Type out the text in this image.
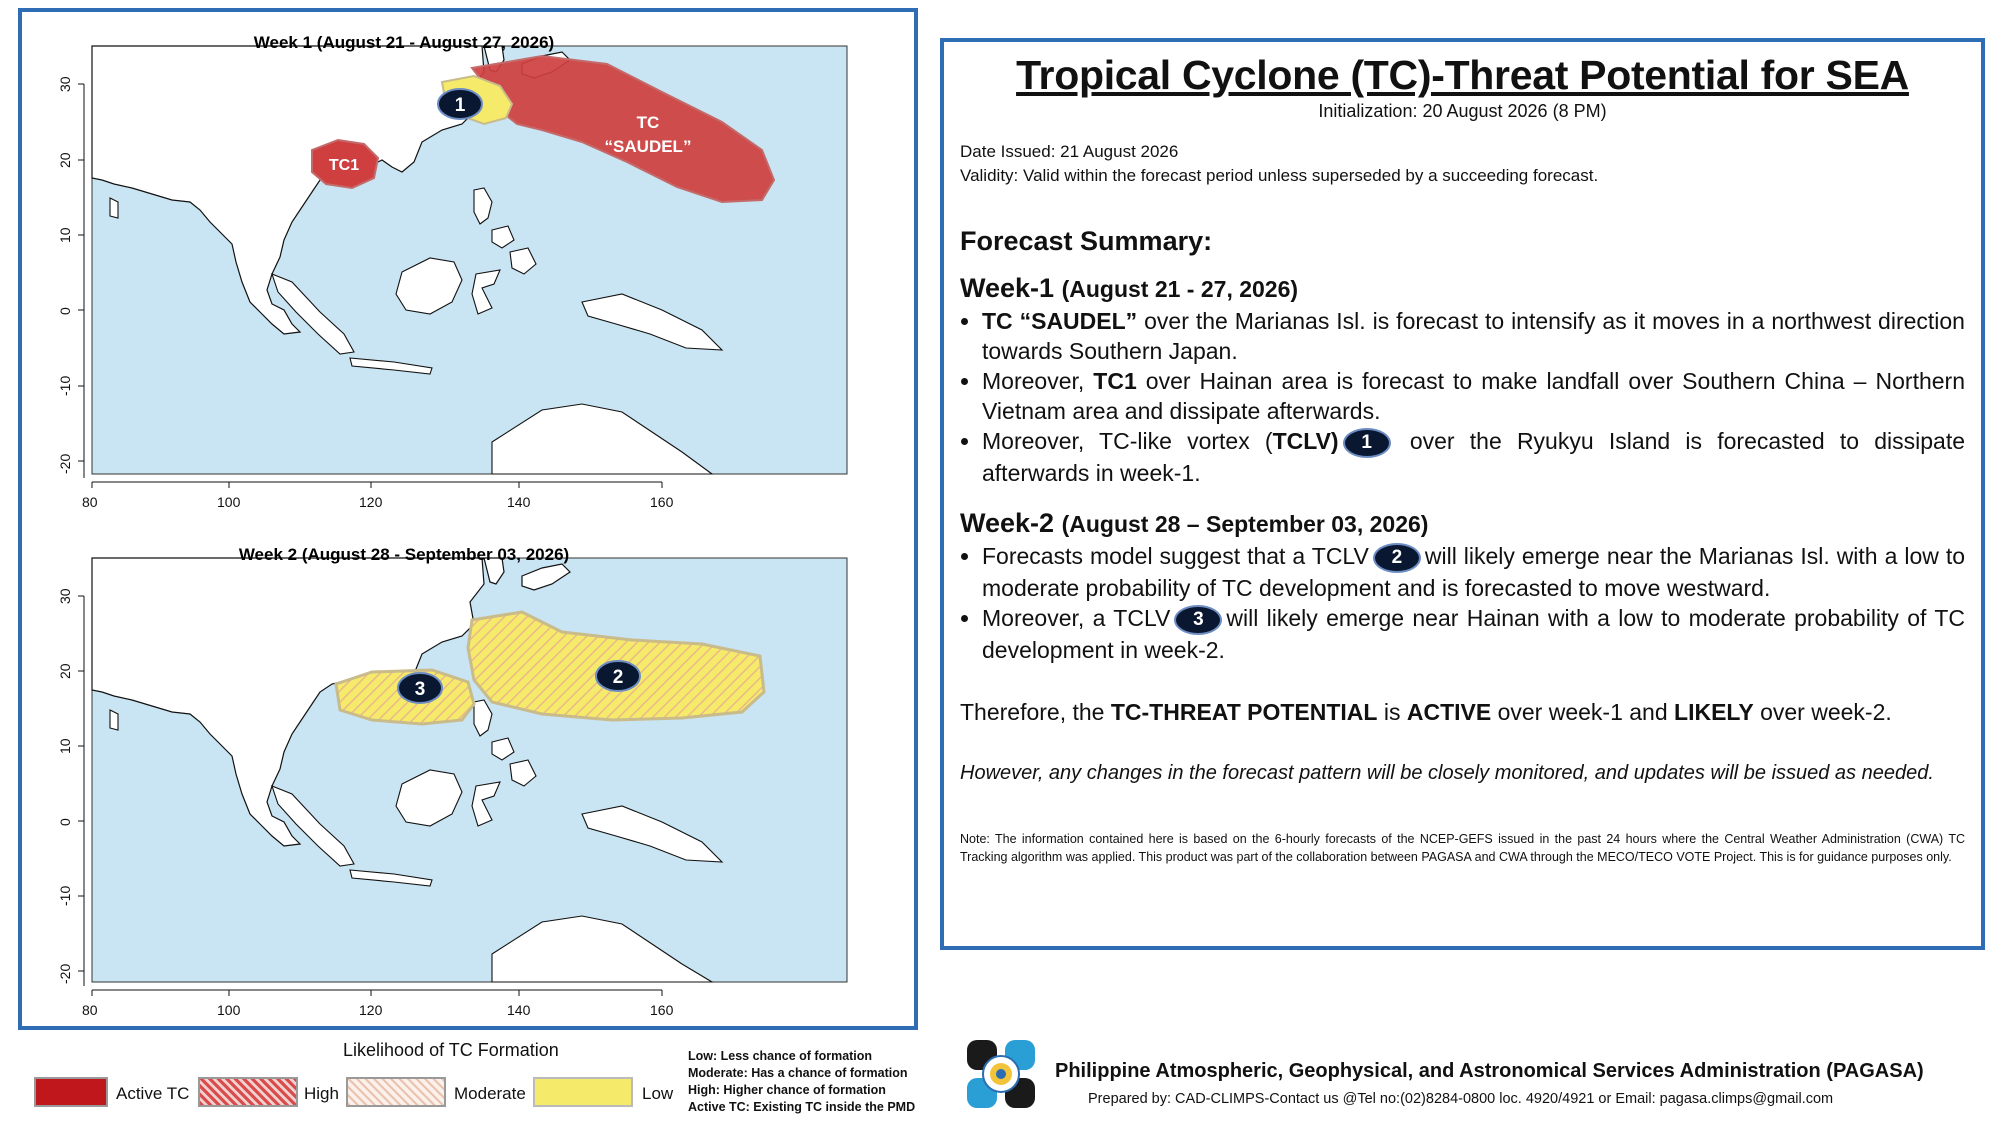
80	100	120	140	160
30
20
10
0
-10
-20
TC
“SAUDEL”
1
TC1
Week 1 (August 21 - August 27, 2026)
80	100	120	140	160
30
20
10
0
-10
-20
2
3
Week 2 (August 28 - September 03, 2026)
Likelihood of TC Formation
Active TC	High	Moderate	Low
Low: Less chance of formation
Moderate: Has a chance of formation
High: Higher chance of formation
Active TC: Existing TC inside the PMD
Tropical Cyclone (TC)-Threat Potential for SEA
Initialization: 20 August 2026 (8 PM)
Date Issued: 21 August 2026
Validity: Valid within the forecast period unless superseded by a succeeding forecast.
Forecast Summary:
Week-1 (August 21 - 27, 2026)
• TC “SAUDEL” over the Marianas Isl. is forecast to intensify as it moves in a northwest direction towards Southern Japan.
• Moreover, TC1 over Hainan area is forecast to make landfall over Southern China – Northern Vietnam area and dissipate afterwards.
• Moreover, TC-like vortex (TCLV) 1 over the Ryukyu Island is forecasted to dissipate afterwards in week-1.
Week-2 (August 28 – September 03, 2026)
• Forecasts model suggest that a TCLV 2 will likely emerge near the Marianas Isl. with a low to moderate probability of TC development and is forecasted to move westward.
• Moreover, a TCLV 3 will likely emerge near Hainan with a low to moderate probability of TC development in week-2.
Therefore, the TC-THREAT POTENTIAL is ACTIVE over week-1 and LIKELY over week-2.
However, any changes in the forecast pattern will be closely monitored, and updates will be issued as needed.
Note: The information contained here is based on the 6-hourly forecasts of the NCEP-GEFS issued in the past 24 hours where the Central Weather Administration (CWA) TC Tracking algorithm was applied. This product was part of the collaboration between PAGASA and CWA through the MECO/TECO VOTE Project. This is for guidance purposes only.
Philippine Atmospheric, Geophysical, and Astronomical Services Administration (PAGASA)
Prepared by: CAD-CLIMPS-Contact us @Tel no:(02)8284-0800 loc. 4920/4921 or Email: pagasa.climps@gmail.com
